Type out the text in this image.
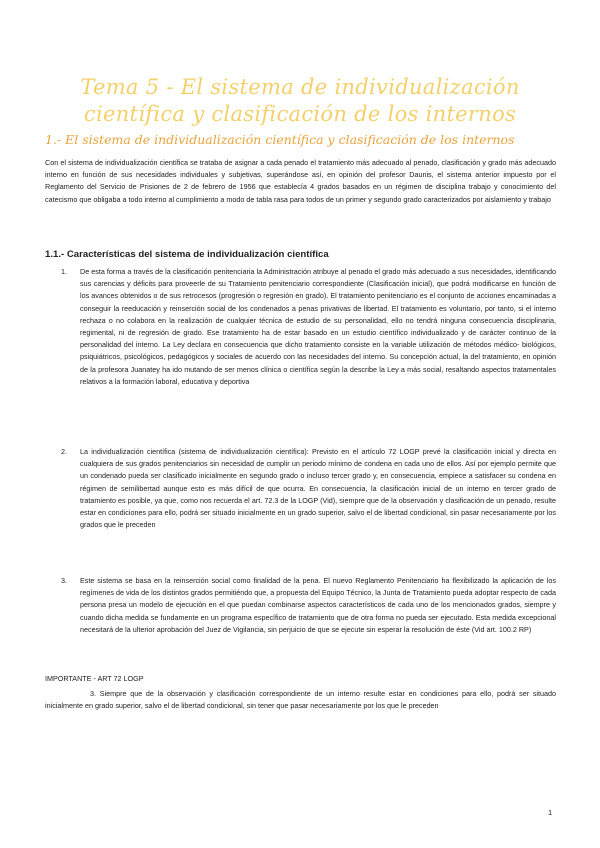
Tema 5 - El sistema de individualización
científica y clasificación de los internos
1.- El sistema de individualización científica y clasificación de los internos
Con el sistema de individualización científica se trataba de asignar a cada penado el tratamiento más adecuado al penado, clasificación y grado más adecuado interno en función de sus necesidades individuales y subjetivas, superándose así, en opinión del profesor Daunis, el sistema anterior impuesto por el Reglamento del Servicio de Prisiones de 2 de febrero de 1956 que establecía 4 grados basados en un régimen de disciplina trabajo y conocimiento del catecismo que obligaba a todo interno al cumplimiento a modo de tabla rasa para todos de un primer y segundo grado caracterizados por aislamiento y trabajo
1.1.- Características del sistema de individualización científica
1. De esta forma a través de la clasificación penitenciaria la Administración atribuye al penado el grado más adecuado a sus necesidades, identificando sus carencias y déficits para proveerle de su Tratamiento penitenciario correspondiente (Clasificación inicial), que podrá modificarse en función de los avances obtenidos o de sus retrocesos (progresión o regresión en grado). El tratamiento penitenciario es el conjunto de acciones encaminadas a conseguir la reeducación y reinserción social de los condenados a penas privativas de libertad. El tratamiento es voluntario, por tanto, si el interno rechaza o no colabora en la realización de cualquier técnica de estudio de su personalidad, ello no tendrá ninguna consecuencia disciplinaria, regimental, ni de regresión de grado. Ese tratamiento ha de estar basado en un estudio científico individualizado y de carácter continuo de la personalidad del interno. La Ley declara en consecuencia que dicho tratamiento consiste en la variable utilización de métodos médico- biológicos, psiquiátricos, psicológicos, pedagógicos y sociales de acuerdo con las necesidades del interno. Su concepción actual, la del tratamiento, en opinión de la profesora Juanatey ha ido mutando de ser menos clínica o científica según la describe la Ley a más social, resaltando aspectos tratamentales relativos a la formación laboral, educativa y deportiva
2. La individualización científica (sistema de individualización científica): Previsto en el artículo 72 LOGP prevé la clasificación inicial y directa en cualquiera de sus grados penitenciarios sin necesidad de cumplir un periodo mínimo de condena en cada uno de ellos. Así por ejemplo permite que un condenado pueda ser clasificado inicialmente en segundo grado o incluso tercer grado y, en consecuencia, empiece a satisfacer su condena en régimen de semilibertad aunque esto es más difícil de que ocurra. En consecuencia, la clasificación inicial de un interno en tercer grado de tratamiento es posible, ya que, como nos recuerda el art. 72.3 de la LOGP (Vid), siempre que de la observación y clasificación de un penado, resulte estar en condiciones para ello, podrá ser situado inicialmente en un grado superior, salvo el de libertad condicional, sin pasar necesariamente por los grados que le preceden
3. Este sistema se basa en la reinserción social como finalidad de la pena. El nuevo Reglamento Penitenciario ha flexibilizado la aplicación de los regímenes de vida de los distintos grados permitiéndo que, a propuesta del Equipo Técnico, la Junta de Tratamiento pueda adoptar respecto de cada persona presa un modelo de ejecución en el que puedan combinarse aspectos característicos de cada uno de los mencionados grados, siempre y cuando dicha medida se fundamente en un programa específico de tratamiento que de otra forma no pueda ser ejecutado. Esta medida excepcional necesitará de la ulterior aprobación del Juez de Vigilancia, sin perjuicio de que se ejecute sin esperar la resolución de éste (Vid art. 100.2 RP)
IMPORTANTE - ART 72 LOGP
3. Siempre que de la observación y clasificación correspondiente de un interno resulte estar en condiciones para ello, podrá ser situado inicialmente en grado superior, salvo el de libertad condicional, sin tener que pasar necesariamente por los que le preceden
1
